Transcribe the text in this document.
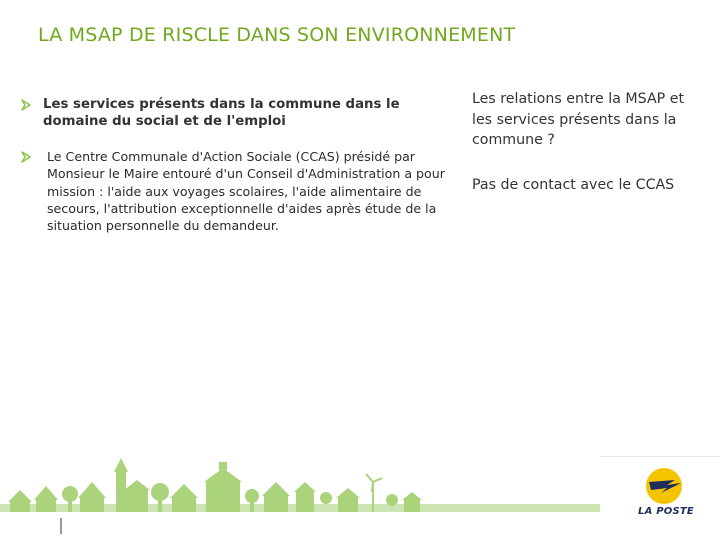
LA MSAP DE RISCLE DANS SON ENVIRONNEMENT
Les services présents dans la commune dans le domaine du social et de l'emploi
Le Centre Communale d'Action Sociale (CCAS) présidé par Monsieur le Maire entouré d'un Conseil d'Administration a pour mission : l'aide aux voyages scolaires, l'aide alimentaire de secours, l'attribution exceptionnelle d'aides après étude de la situation personnelle du demandeur.
Les relations entre la MSAP et les services présents dans la commune ?
Pas de contact avec le CCAS
LA POSTE
